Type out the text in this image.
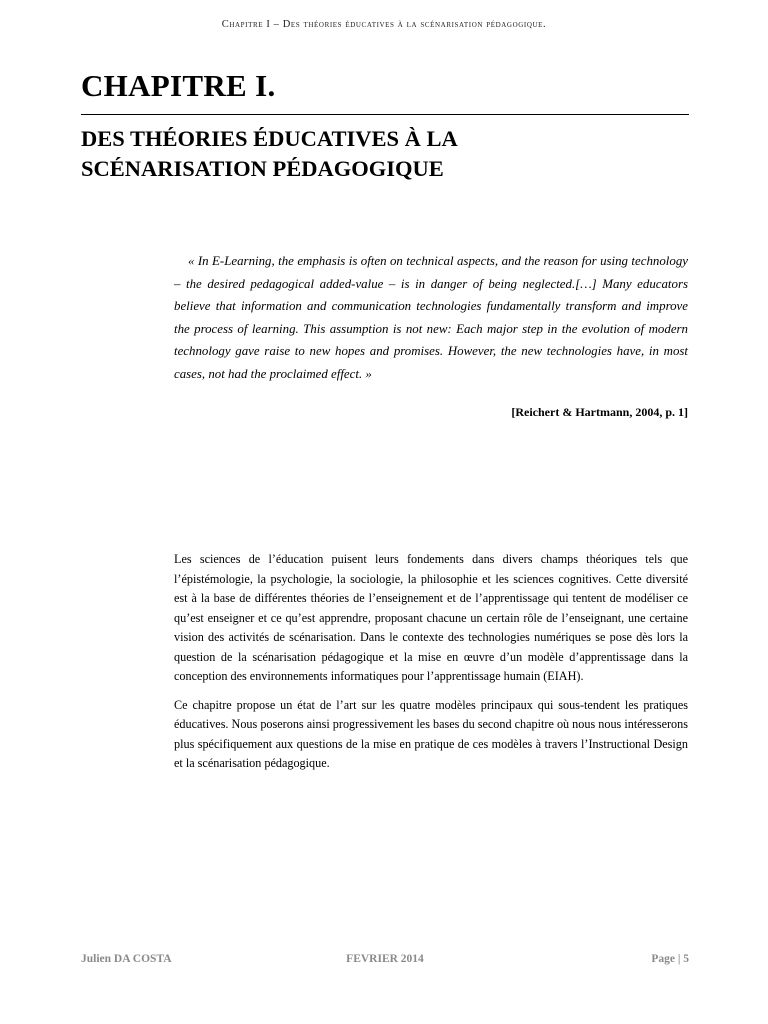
Chapitre I – Des théories éducatives à la scénarisation pédagogique.
CHAPITRE I.
DES THÉORIES ÉDUCATIVES À LA
SCÉNARISATION PÉDAGOGIQUE
« In E-Learning, the emphasis is often on technical aspects, and the reason for using technology – the desired pedagogical added-value – is in danger of being neglected.[…] Many educators believe that information and communication technologies fundamentally transform and improve the process of learning. This assumption is not new: Each major step in the evolution of modern technology gave raise to new hopes and promises. However, the new technologies have, in most cases, not had the proclaimed effect. »
[Reichert & Hartmann, 2004, p. 1]

Les sciences de l’éducation puisent leurs fondements dans divers champs théoriques tels que l’épistémologie, la psychologie, la sociologie, la philosophie et les sciences cognitives. Cette diversité est à la base de différentes théories de l’enseignement et de l’apprentissage qui tentent de modéliser ce qu’est enseigner et ce qu’est apprendre, proposant chacune un certain rôle de l’enseignant, une certaine vision des activités de scénarisation. Dans le contexte des technologies numériques se pose dès lors la question de la scénarisation pédagogique et la mise en œuvre d’un modèle d’apprentissage dans la conception des environnements informatiques pour l’apprentissage humain (EIAH).

Ce chapitre propose un état de l’art sur les quatre modèles principaux qui sous-tendent les pratiques éducatives. Nous poserons ainsi progressivement les bases du second chapitre où nous nous intéresserons plus spécifiquement aux questions de la mise en pratique de ces modèles à travers l’Instructional Design et la scénarisation pédagogique.

Julien DA COSTA	FEVRIER 2014	Page | 5
